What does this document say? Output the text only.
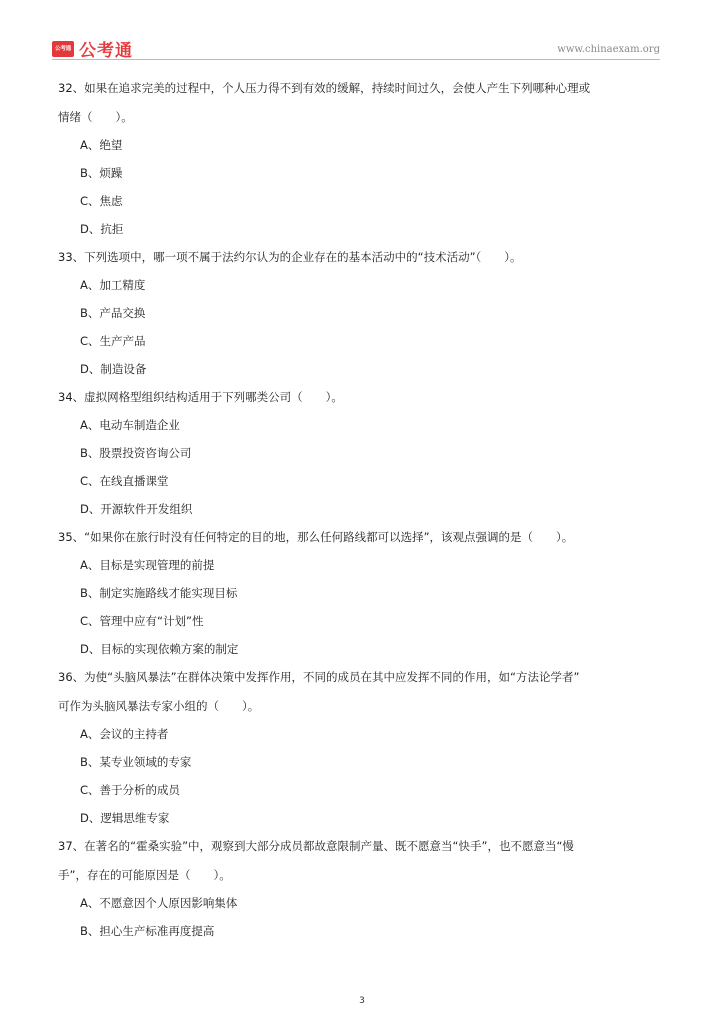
公考通 公考通	www.chinaexam.org
32、如果在追求完美的过程中，个人压力得不到有效的缓解，持续时间过久，会使人产生下列哪种心理或
情绪（　　）。
A、绝望
B、烦躁
C、焦虑
D、抗拒
33、下列选项中，哪一项不属于法约尔认为的企业存在的基本活动中的“技术活动”（　　）。
A、加工精度
B、产品交换
C、生产产品
D、制造设备
34、虚拟网格型组织结构适用于下列哪类公司（　　）。
A、电动车制造企业
B、股票投资咨询公司
C、在线直播课堂
D、开源软件开发组织
35、“如果你在旅行时没有任何特定的目的地，那么任何路线都可以选择”，该观点强调的是（　　）。
A、目标是实现管理的前提
B、制定实施路线才能实现目标
C、管理中应有“计划”性
D、目标的实现依赖方案的制定
36、为使“头脑风暴法”在群体决策中发挥作用，不同的成员在其中应发挥不同的作用，如“方法论学者”
可作为头脑风暴法专家小组的（　　）。
A、会议的主持者
B、某专业领域的专家
C、善于分析的成员
D、逻辑思维专家
37、在著名的“霍桑实验”中，观察到大部分成员都故意限制产量、既不愿意当“快手”，也不愿意当“慢
手”，存在的可能原因是（　　）。
A、不愿意因个人原因影响集体
B、担心生产标准再度提高
3
